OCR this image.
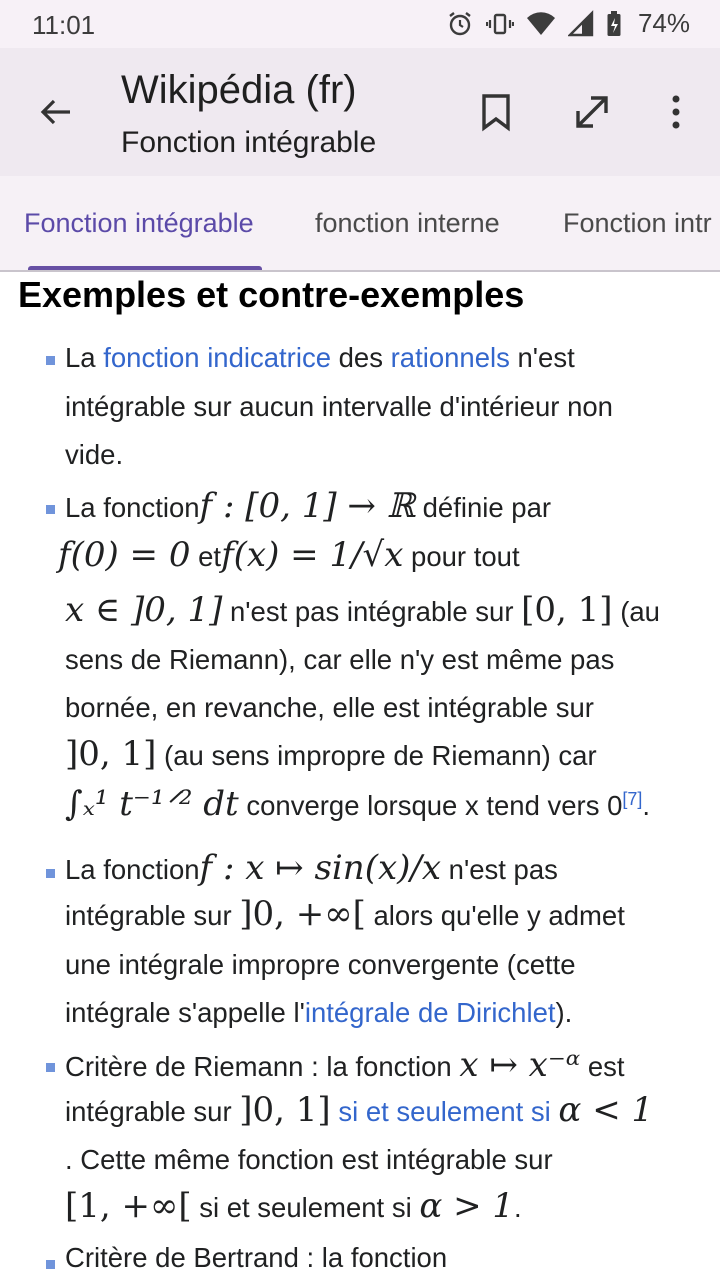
11:01	74%
Wikipédia (fr)
Fonction intégrable
Fonction intégrable fonction interne Fonction intr
Exemples et contre-exemples
La fonction indicatrice des rationnels n'est
intégrable sur aucun intervalle d'intérieur non
vide.
La fonctionf : [0, 1] → ℝ définie par
f(0) = 0 etf(x) = 1/√x pour tout
x ∈ ]0, 1] n'est pas intégrable sur [0, 1] (au
sens de Riemann), car elle n'y est même pas
bornée, en revanche, elle est intégrable sur
]0, 1] (au sens impropre de Riemann) car
∫ₓ¹ t⁻¹ᐟ² dt converge lorsque x tend vers 0[7].
La fonctionf : x ↦ sin(x)/x n'est pas
intégrable sur ]0, +∞[ alors qu'elle y admet
une intégrale impropre convergente (cette
intégrale s'appelle l'intégrale de Dirichlet).
Critère de Riemann : la fonction x ↦ x⁻ᵅ est
intégrable sur ]0, 1] si et seulement si α < 1
. Cette même fonction est intégrable sur
[1, +∞[ si et seulement si α > 1.
Critère de Bertrand : la fonction
